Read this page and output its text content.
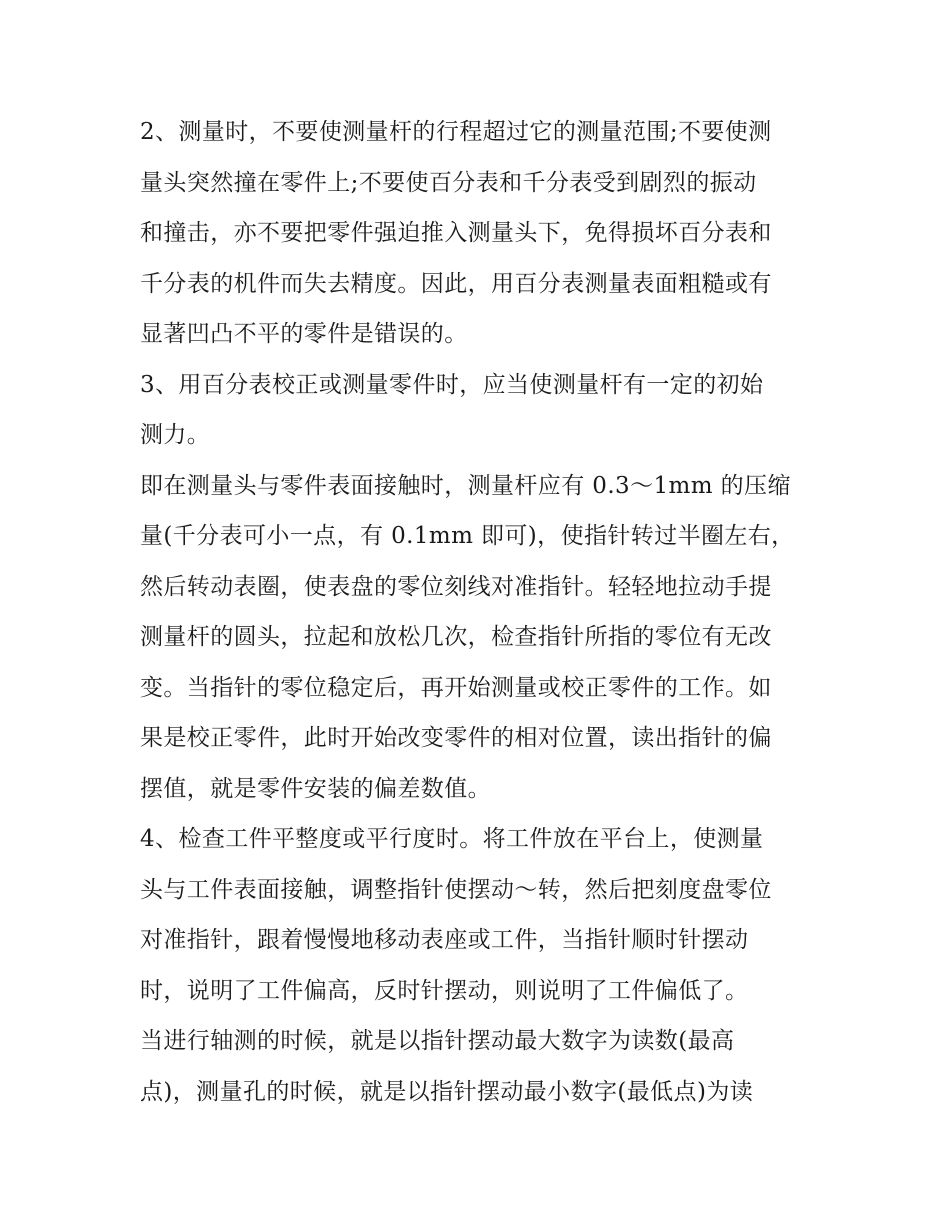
2、测量时，不要使测量杆的行程超过它的测量范围;不要使测
量头突然撞在零件上;不要使百分表和千分表受到剧烈的振动
和撞击，亦不要把零件强迫推入测量头下，免得损坏百分表和
千分表的机件而失去精度。因此，用百分表测量表面粗糙或有
显著凹凸不平的零件是错误的。
3、用百分表校正或测量零件时，应当使测量杆有一定的初始
测力。
即在测量头与零件表面接触时，测量杆应有 0.3～1mm 的压缩
量(千分表可小一点，有 0.1mm 即可)，使指针转过半圈左右，
然后转动表圈，使表盘的零位刻线对准指针。轻轻地拉动手提
测量杆的圆头，拉起和放松几次，检查指针所指的零位有无改
变。当指针的零位稳定后，再开始测量或校正零件的工作。如
果是校正零件，此时开始改变零件的相对位置，读出指针的偏
摆值，就是零件安装的偏差数值。
4、检查工件平整度或平行度时。将工件放在平台上，使测量
头与工件表面接触，调整指针使摆动～转，然后把刻度盘零位
对准指针，跟着慢慢地移动表座或工件，当指针顺时针摆动
时，说明了工件偏高，反时针摆动，则说明了工件偏低了。
当进行轴测的时候，就是以指针摆动最大数字为读数(最高
点)，测量孔的时候，就是以指针摆动最小数字(最低点)为读
